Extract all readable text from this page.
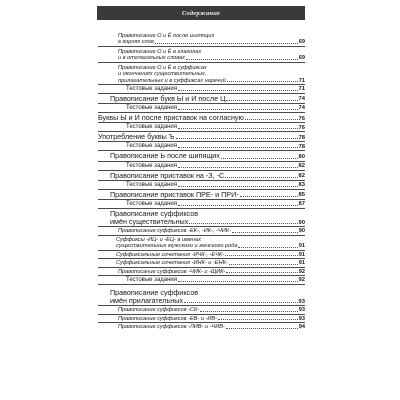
Содержание
Правописание О и Ё после шипящих
в корнях слов	69
Правописание О и Ё в глаголах
и в отглагольных словах	69
Правописание О и Ё в суффиксах
и окончаниях существительных,
прилагательных и в суффиксах наречий	71
Тестовые задания	71
Правописание букв Ы и И после Ц	74
Тестовые задания	74
Буквы Ы и И после приставок на согласную	76
Тестовые задания	76
Употребление буквы Ъ	78
Тестовые задания	78
Правописание Ь после шипящих	80
Тестовые задания	82
Правописание приставок на -З, -С	82
Тестовые задания	83
Правописание приставок ПРЕ- и ПРИ-	85
Тестовые задания	87
Правописание суффиксов
имён существительных	90
Правописание суффиксов -ЕК-, -ИК-, -ЧИК-	90
Суффиксы -ИЦ- и -ЕЦ- в именах
существительных мужского и женского рода	91
Суффиксальные сочетания -ИЧК-, -ЕЧК-	91
Суффиксальные сочетания -ИНК- и -ЕНК-	91
Правописание суффиксов -ЧИК- и -ЩИК-	92
Тестовые задания	92
Правописание суффиксов
имён прилагательных	93
Правописание суффиксов -СК-	93
Правописание суффиксов -ЕВ- и -ИВ-	93
Правописание суффиксов -ЛИВ- и -ЧИВ-	94
